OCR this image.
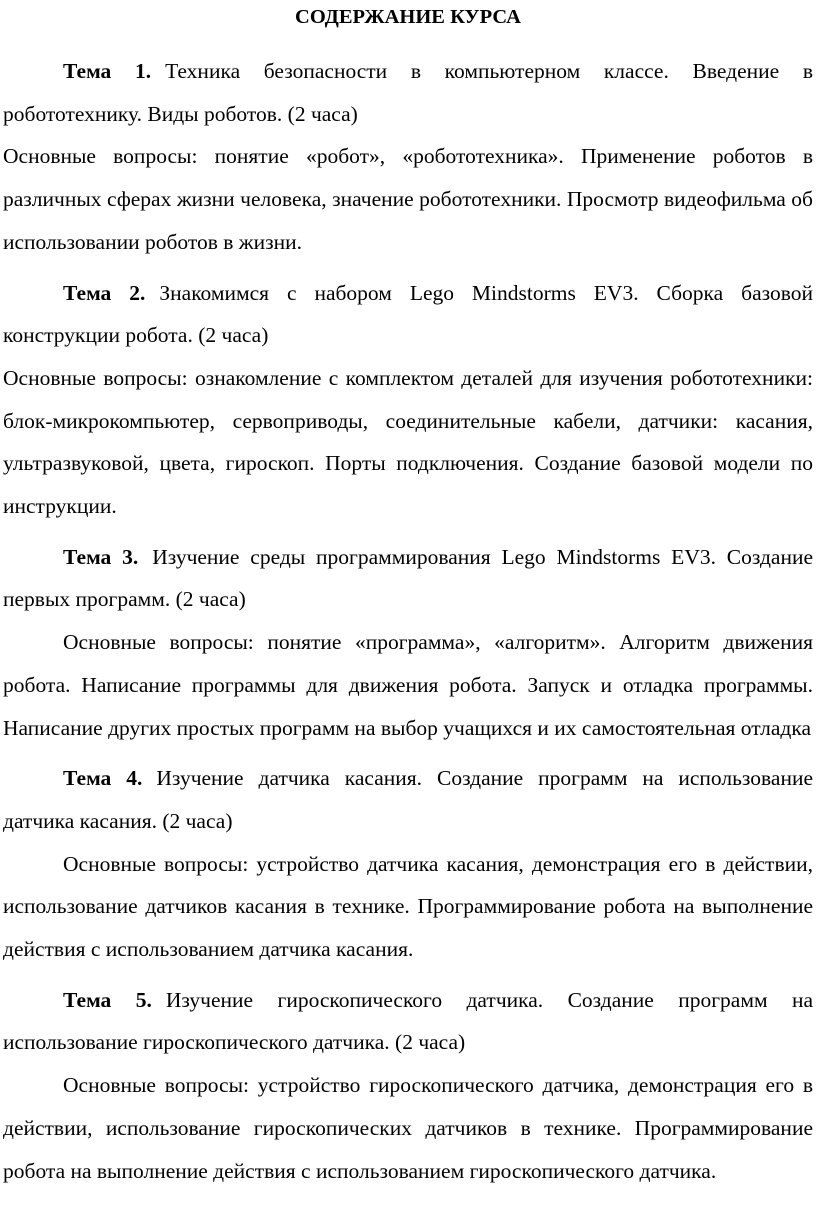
СОДЕРЖАНИЕ КУРСА

Тема 1. Техника безопасности в компьютерном классе. Введение в робототехнику. Виды роботов. (2 часа)

Основные вопросы: понятие «робот», «робототехника». Применение роботов в различных сферах жизни человека, значение робототехники. Просмотр видеофильма об использовании роботов в жизни.

Тема 2. Знакомимся с набором Lego Mindstorms EV3. Сборка базовой конструкции робота. (2 часа)

Основные вопросы: ознакомление с комплектом деталей для изучения робототехники: блок-микрокомпьютер, сервоприводы, соединительные кабели, датчики: касания, ультразвуковой, цвета, гироскоп. Порты подключения. Создание базовой модели по инструкции.

Тема 3. Изучение среды программирования Lego Mindstorms EV3. Создание первых программ. (2 часа)

Основные вопросы: понятие «программа», «алгоритм». Алгоритм движения робота. Написание программы для движения робота. Запуск и отладка программы. Написание других простых программ на выбор учащихся и их самостоятельная отладка

Тема 4. Изучение датчика касания. Создание программ на использование датчика касания. (2 часа)

Основные вопросы: устройство датчика касания, демонстрация его в действии, использование датчиков касания в технике. Программирование робота на выполнение действия с использованием датчика касания.

Тема 5. Изучение гироскопического датчика. Создание программ на использование гироскопического датчика. (2 часа)

Основные вопросы: устройство гироскопического датчика, демонстрация его в действии, использование гироскопических датчиков в технике. Программирование робота на выполнение действия с использованием гироскопического датчика.
